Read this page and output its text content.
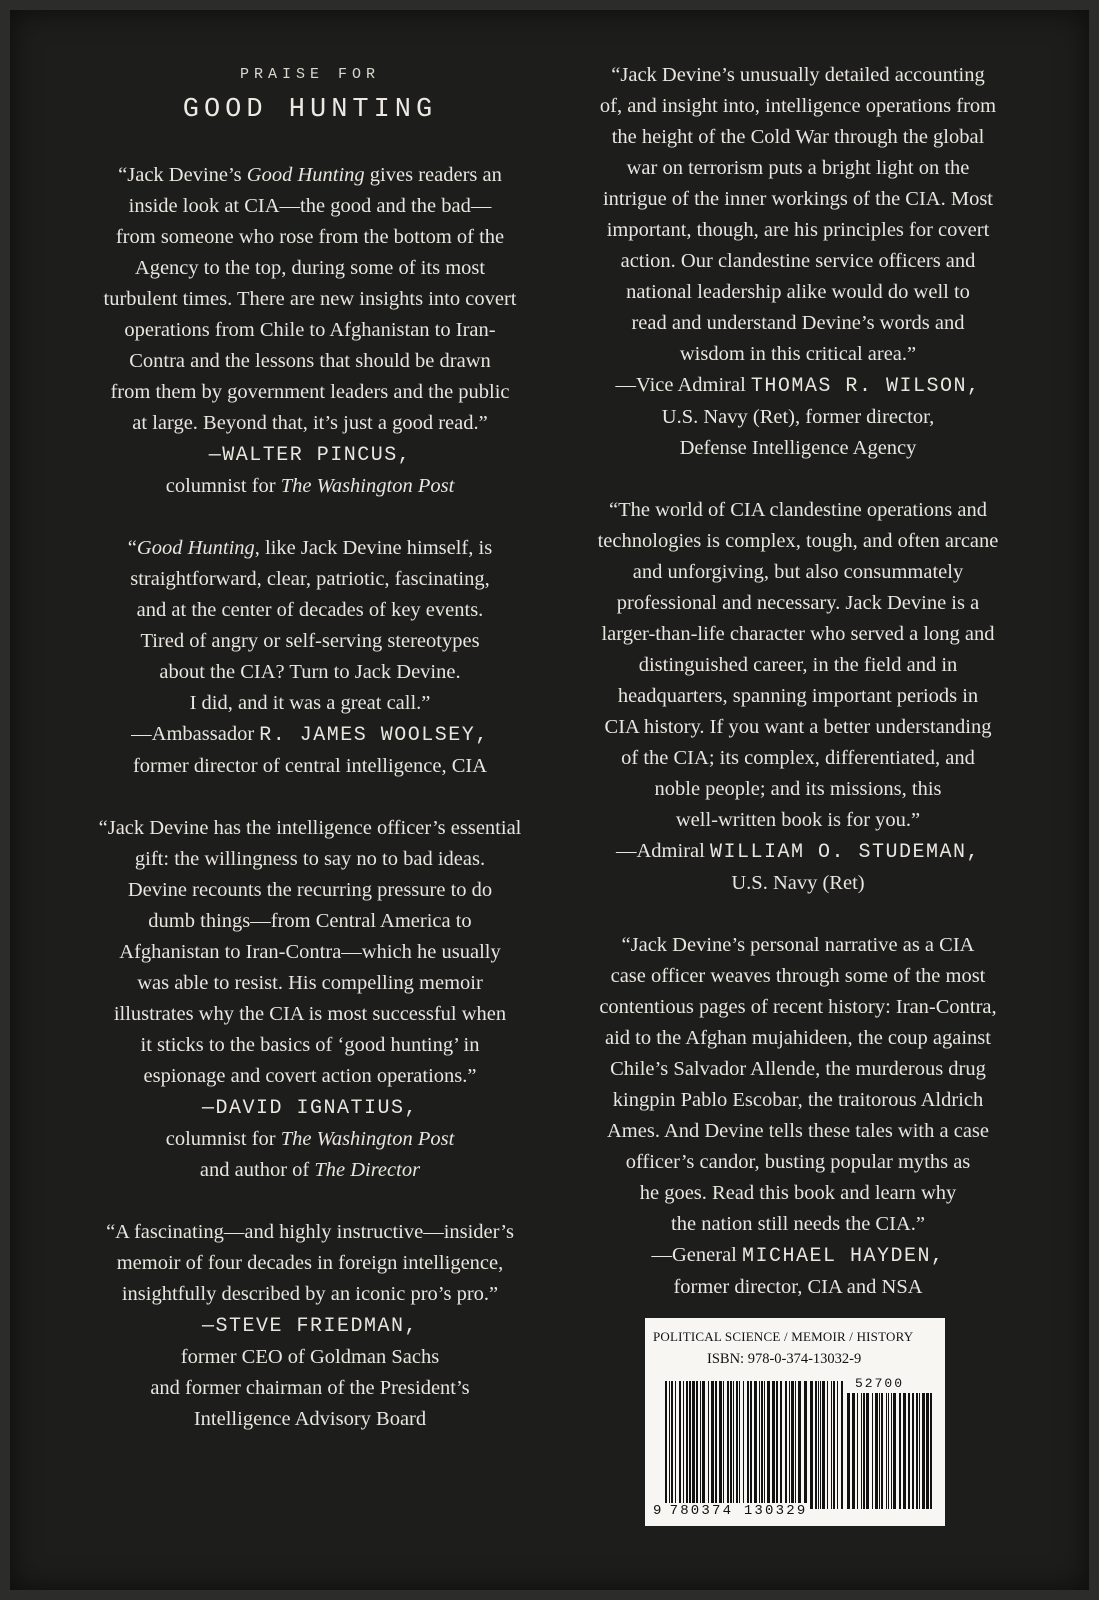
PRAISE FOR
GOOD HUNTING
“Jack Devine’s Good Hunting gives readers an
inside look at CIA—the good and the bad—
from someone who rose from the bottom of the
Agency to the top, during some of its most
turbulent times. There are new insights into covert
operations from Chile to Afghanistan to Iran-
Contra and the lessons that should be drawn
from them by government leaders and the public
at large. Beyond that, it’s just a good read.”
—WALTER PINCUS,
columnist for The Washington Post
“Good Hunting, like Jack Devine himself, is
straightforward, clear, patriotic, fascinating,
and at the center of decades of key events.
Tired of angry or self-serving stereotypes
about the CIA? Turn to Jack Devine.
I did, and it was a great call.”
—Ambassador R. JAMES WOOLSEY,
former director of central intelligence, CIA
“Jack Devine has the intelligence officer’s essential
gift: the willingness to say no to bad ideas.
Devine recounts the recurring pressure to do
dumb things—from Central America to
Afghanistan to Iran-Contra—which he usually
was able to resist. His compelling memoir
illustrates why the CIA is most successful when
it sticks to the basics of ‘good hunting’ in
espionage and covert action operations.”
—DAVID IGNATIUS,
columnist for The Washington Post
and author of The Director
“A fascinating—and highly instructive—insider’s
memoir of four decades in foreign intelligence,
insightfully described by an iconic pro’s pro.”
—STEVE FRIEDMAN,
former CEO of Goldman Sachs
and former chairman of the President’s
Intelligence Advisory Board
“Jack Devine’s unusually detailed accounting
of, and insight into, intelligence operations from
the height of the Cold War through the global
war on terrorism puts a bright light on the
intrigue of the inner workings of the CIA. Most
important, though, are his principles for covert
action. Our clandestine service officers and
national leadership alike would do well to
read and understand Devine’s words and
wisdom in this critical area.”
—Vice Admiral THOMAS R. WILSON,
U.S. Navy (Ret), former director,
Defense Intelligence Agency
“The world of CIA clandestine operations and
technologies is complex, tough, and often arcane
and unforgiving, but also consummately
professional and necessary. Jack Devine is a
larger-than-life character who served a long and
distinguished career, in the field and in
headquarters, spanning important periods in
CIA history. If you want a better understanding
of the CIA; its complex, differentiated, and
noble people; and its missions, this
well-written book is for you.”
—Admiral WILLIAM O. STUDEMAN,
U.S. Navy (Ret)
“Jack Devine’s personal narrative as a CIA
case officer weaves through some of the most
contentious pages of recent history: Iran-Contra,
aid to the Afghan mujahideen, the coup against
Chile’s Salvador Allende, the murderous drug
kingpin Pablo Escobar, the traitorous Aldrich
Ames. And Devine tells these tales with a case
officer’s candor, busting popular myths as
he goes. Read this book and learn why
the nation still needs the CIA.”
—General MICHAEL HAYDEN,
former director, CIA and NSA
POLITICAL SCIENCE / MEMOIR / HISTORY
ISBN: 978-0-374-13032-9
52700
9 780374 130329
